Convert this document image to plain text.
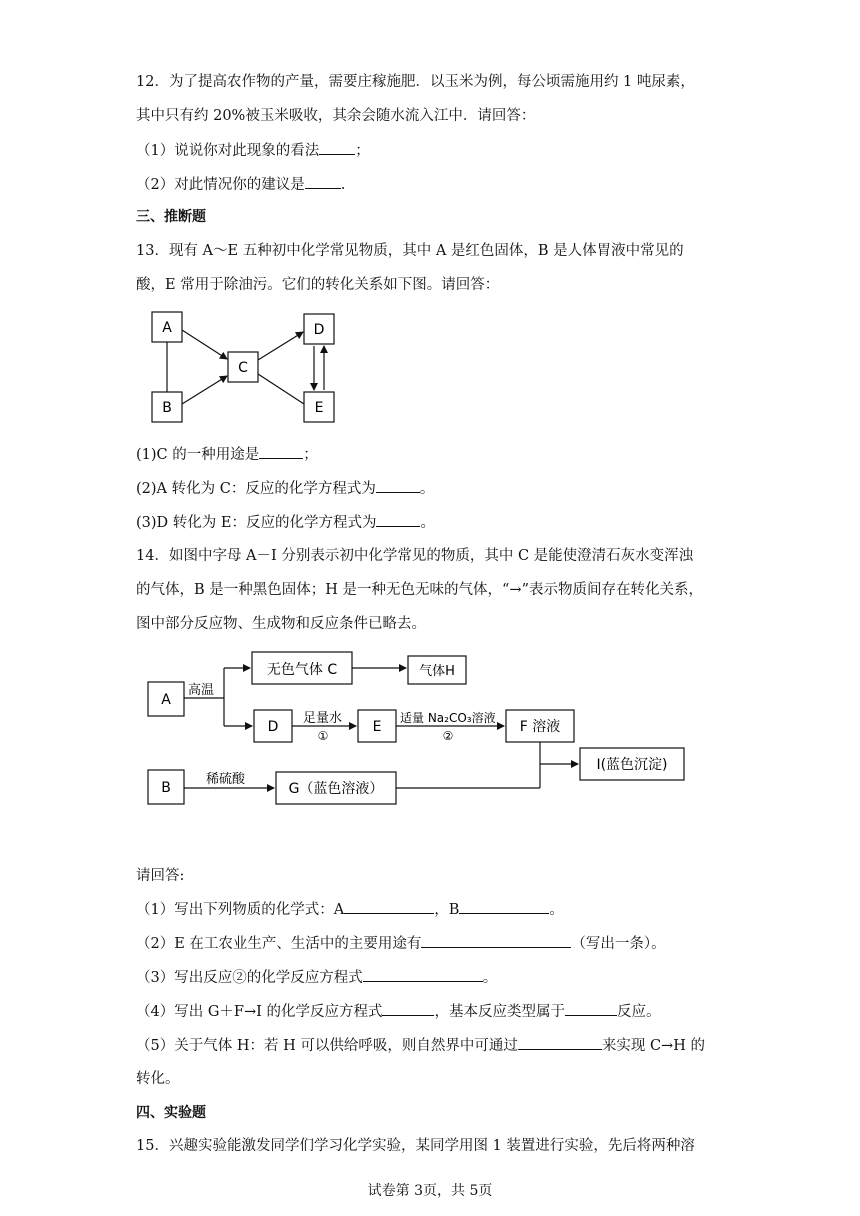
12．为了提高农作物的产量，需要庄稼施肥．以玉米为例，每公顷需施用约 1 吨尿素，
其中只有约 20%被玉米吸收，其余会随水流入江中．请回答：
（1）说说你对此现象的看法 ；
（2）对此情况你的建议是 .
三、推断题
13．现有 A～E 五种初中化学常见物质，其中 A 是红色固体，B 是人体胃液中常见的
酸，E 常用于除油污。它们的转化关系如下图。请回答：
A
B
C
D
E
(1)C 的一种用途是	；
(2)A 转化为 C：反应的化学方程式为	。
(3)D 转化为 E：反应的化学方程式为	。
14．如图中字母 A－I 分别表示初中化学常见的物质，其中 C 是能使澄清石灰水变浑浊
的气体，B 是一种黑色固体；H 是一种无色无味的气体，“→”表示物质间存在转化关系，
图中部分反应物、生成物和反应条件已略去。
A
高温
无色气体 C	气体H
D
足量水
①
E
适量 Na₂CO₃溶液
②
F 溶液
I(蓝色沉淀)
B
稀硫酸
G（蓝色溶液）
请回答:
（1）写出下列物质的化学式：A	，B	。
（2）E 在工农业生产、生活中的主要用途有	（写出一条）。
（3）写出反应②的化学反应方程式	。
（4）写出 G＋F→I 的化学反应方程式	，基本反应类型属于	反应。
（5）关于气体 H：若 H 可以供给呼吸，则自然界中可通过	来实现 C→H 的
转化。
四、实验题
15．兴趣实验能激发同学们学习化学实验，某同学用图 1 装置进行实验，先后将两种溶
试卷第 3页，共 5页
